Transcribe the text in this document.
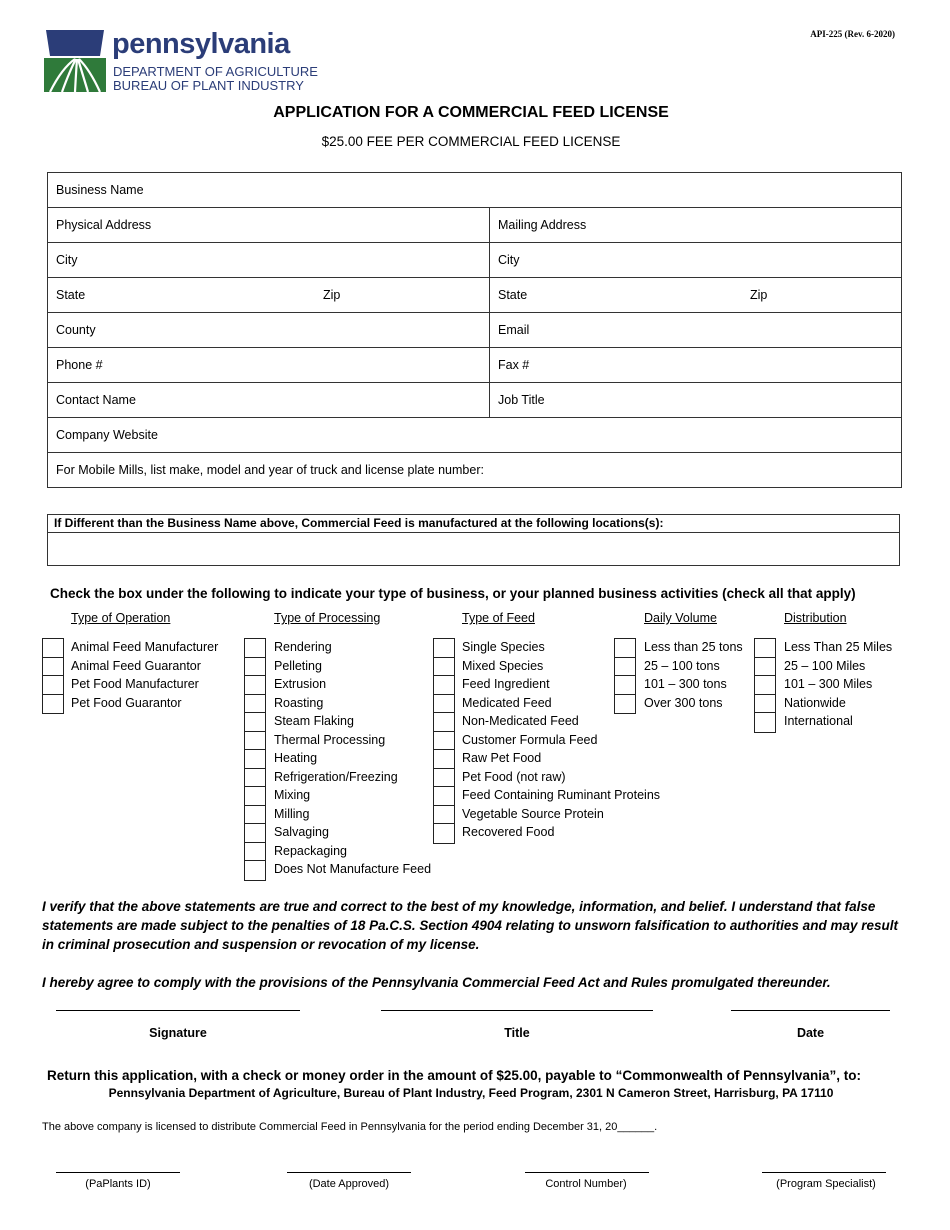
pennsylvania
DEPARTMENT OF AGRICULTURE
BUREAU OF PLANT INDUSTRY
API-225 (Rev. 6-2020)
APPLICATION FOR A COMMERCIAL FEED LICENSE
$25.00 FEE PER COMMERCIAL FEED LICENSE
Business Name
Physical Address	Mailing Address
City	City
State	Zip	State	Zip
County	Email
Phone #	Fax #
Contact Name	Job Title
Company Website
For Mobile Mills, list make, model and year of truck and license plate number:
If Different than the Business Name above, Commercial Feed is manufactured at the following locations(s):
Check the box under the following to indicate your type of business, or your planned business activities (check all that apply)
Type of Operation	Type of Processing	Type of Feed	Daily Volume	Distribution
Animal Feed Manufacturer
Animal Feed Guarantor
Pet Food Manufacturer
Pet Food Guarantor
Rendering
Pelleting
Extrusion
Roasting
Steam Flaking
Thermal Processing
Heating
Refrigeration/Freezing
Mixing
Milling
Salvaging
Repackaging
Does Not Manufacture Feed
Single Species
Mixed Species
Feed Ingredient
Medicated Feed
Non-Medicated Feed
Customer Formula Feed
Raw Pet Food
Pet Food (not raw)
Feed Containing Ruminant Proteins
Vegetable Source Protein
Recovered Food
Less than 25 tons
25 – 100 tons
101 – 300 tons
Over 300 tons
Less Than 25 Miles
25 – 100 Miles
101 – 300 Miles
Nationwide
International
I verify that the above statements are true and correct to the best of my knowledge, information, and belief. I understand that false statements are made subject to the penalties of 18 Pa.C.S. Section 4904 relating to unsworn falsification to authorities and may result in criminal prosecution and suspension or revocation of my license.
I hereby agree to comply with the provisions of the Pennsylvania Commercial Feed Act and Rules promulgated thereunder.
Signature	Title	Date
Return this application, with a check or money order in the amount of $25.00, payable to “Commonwealth of Pennsylvania”, to:
Pennsylvania Department of Agriculture, Bureau of Plant Industry, Feed Program, 2301 N Cameron Street, Harrisburg, PA 17110
The above company is licensed to distribute Commercial Feed in Pennsylvania for the period ending December 31, 20______.
(PaPlants ID)	(Date Approved)	Control Number)	(Program Specialist)
